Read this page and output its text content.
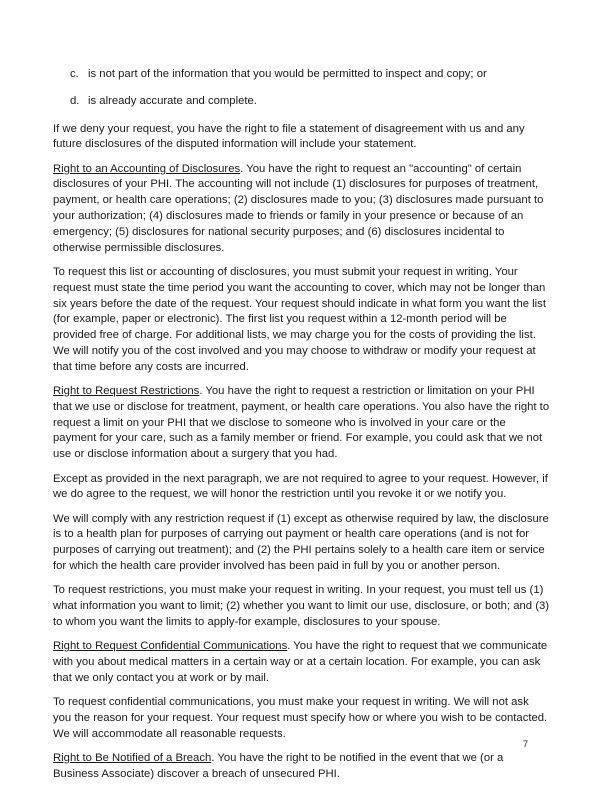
c. is not part of the information that you would be permitted to inspect and copy; or
d. is already accurate and complete.

If we deny your request, you have the right to file a statement of disagreement with us and any future disclosures of the disputed information will include your statement.

Right to an Accounting of Disclosures. You have the right to request an "accounting" of certain disclosures of your PHI. The accounting will not include (1) disclosures for purposes of treatment, payment, or health care operations; (2) disclosures made to you; (3) disclosures made pursuant to your authorization; (4) disclosures made to friends or family in your presence or because of an emergency; (5) disclosures for national security purposes; and (6) disclosures incidental to otherwise permissible disclosures.

To request this list or accounting of disclosures, you must submit your request in writing. Your request must state the time period you want the accounting to cover, which may not be longer than six years before the date of the request. Your request should indicate in what form you want the list (for example, paper or electronic). The first list you request within a 12-month period will be provided free of charge. For additional lists, we may charge you for the costs of providing the list. We will notify you of the cost involved and you may choose to withdraw or modify your request at that time before any costs are incurred.

Right to Request Restrictions. You have the right to request a restriction or limitation on your PHI that we use or disclose for treatment, payment, or health care operations. You also have the right to request a limit on your PHI that we disclose to someone who is involved in your care or the payment for your care, such as a family member or friend. For example, you could ask that we not use or disclose information about a surgery that you had.

Except as provided in the next paragraph, we are not required to agree to your request. However, if we do agree to the request, we will honor the restriction until you revoke it or we notify you.

We will comply with any restriction request if (1) except as otherwise required by law, the disclosure is to a health plan for purposes of carrying out payment or health care operations (and is not for purposes of carrying out treatment); and (2) the PHI pertains solely to a health care item or service for which the health care provider involved has been paid in full by you or another person.

To request restrictions, you must make your request in writing. In your request, you must tell us (1) what information you want to limit; (2) whether you want to limit our use, disclosure, or both; and (3) to whom you want the limits to apply-for example, disclosures to your spouse.

Right to Request Confidential Communications. You have the right to request that we communicate with you about medical matters in a certain way or at a certain location. For example, you can ask that we only contact you at work or by mail.

To request confidential communications, you must make your request in writing. We will not ask you the reason for your request. Your request must specify how or where you wish to be contacted. We will accommodate all reasonable requests.

Right to Be Notified of a Breach. You have the right to be notified in the event that we (or a Business Associate) discover a breach of unsecured PHI.

7
